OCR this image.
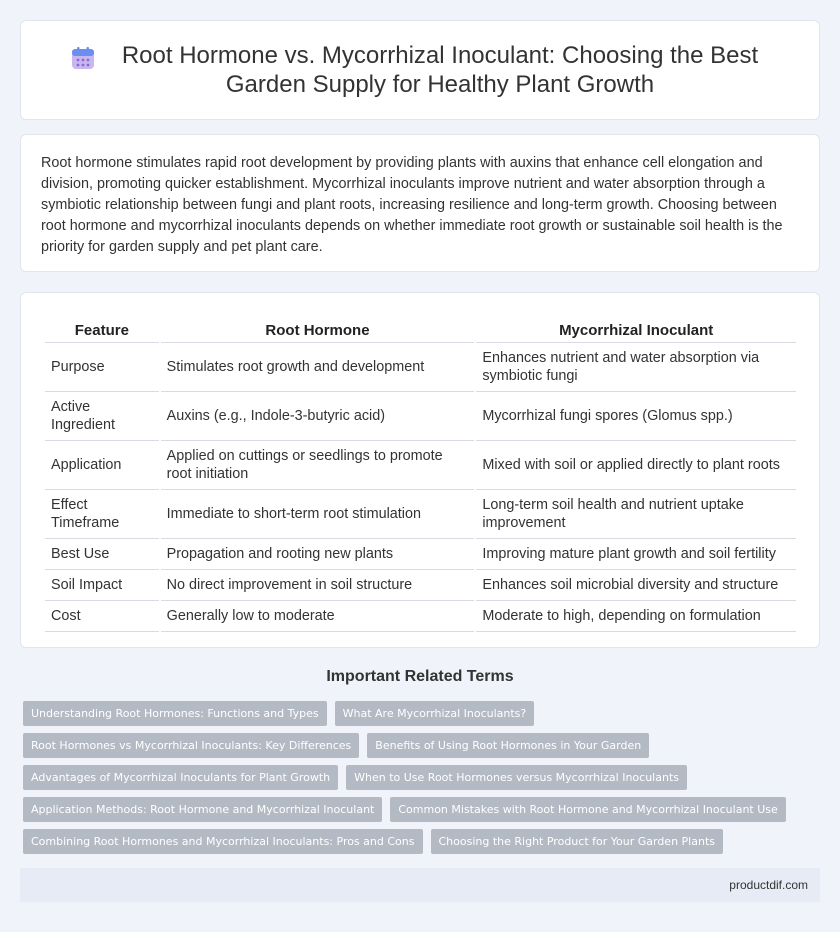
Root Hormone vs. Mycorrhizal Inoculant: Choosing the Best Garden Supply for Healthy Plant Growth

Root hormone stimulates rapid root development by providing plants with auxins that enhance cell elongation and division, promoting quicker establishment. Mycorrhizal inoculants improve nutrient and water absorption through a symbiotic relationship between fungi and plant roots, increasing resilience and long-term growth. Choosing between root hormone and mycorrhizal inoculants depends on whether immediate root growth or sustainable soil health is the priority for garden supply and pet plant care.

Feature	Root Hormone	Mycorrhizal Inoculant
Purpose	Stimulates root growth and development	Enhances nutrient and water absorption via symbiotic fungi
Active Ingredient	Auxins (e.g., Indole-3-butyric acid)	Mycorrhizal fungi spores (Glomus spp.)
Application	Applied on cuttings or seedlings to promote root initiation	Mixed with soil or applied directly to plant roots
Effect Timeframe	Immediate to short-term root stimulation	Long-term soil health and nutrient uptake improvement
Best Use	Propagation and rooting new plants	Improving mature plant growth and soil fertility
Soil Impact	No direct improvement in soil structure	Enhances soil microbial diversity and structure
Cost	Generally low to moderate	Moderate to high, depending on formulation
Important Related Terms
Understanding Root Hormones: Functions and Types	What Are Mycorrhizal Inoculants?
Root Hormones vs Mycorrhizal Inoculants: Key Differences	Benefits of Using Root Hormones in Your Garden
Advantages of Mycorrhizal Inoculants for Plant Growth	When to Use Root Hormones versus Mycorrhizal Inoculants
Application Methods: Root Hormone and Mycorrhizal Inoculant	Common Mistakes with Root Hormone and Mycorrhizal Inoculant Use
Combining Root Hormones and Mycorrhizal Inoculants: Pros and Cons	Choosing the Right Product for Your Garden Plants
productdif.com
